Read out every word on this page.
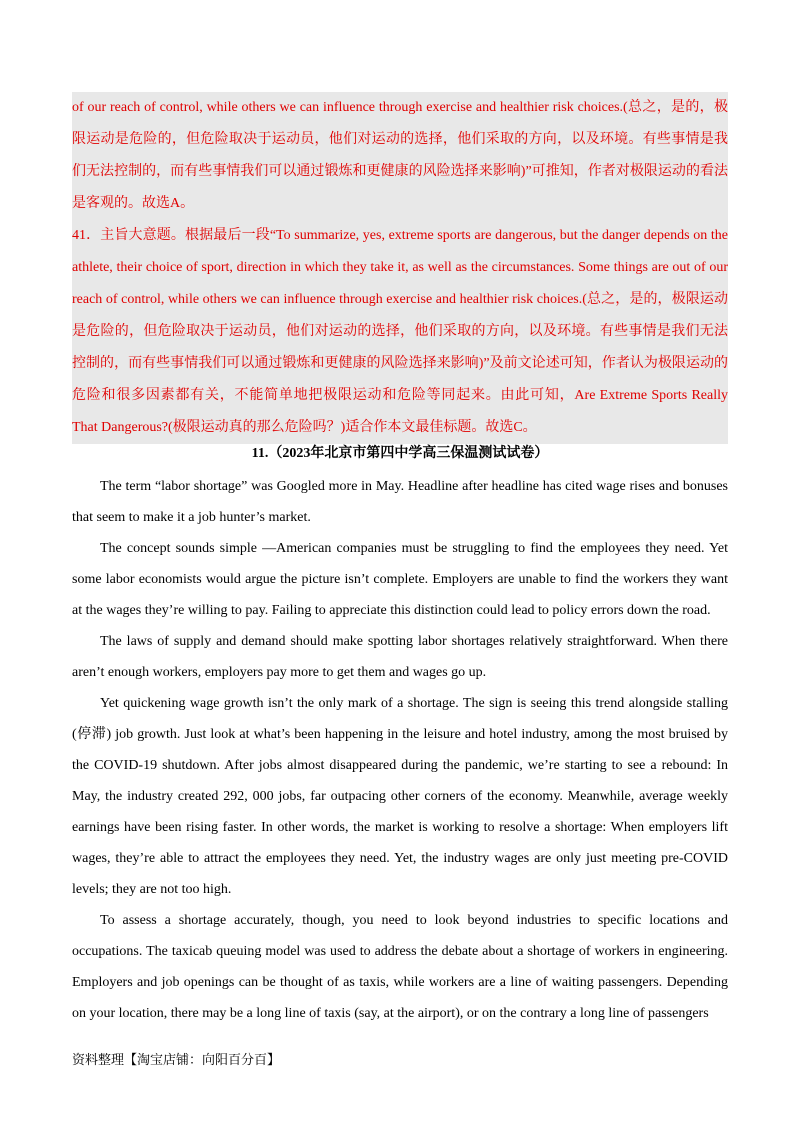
of our reach of control, while others we can influence through exercise and healthier risk choices.(总之，是的，极限运动是危险的，但危险取决于运动员，他们对运动的选择，他们采取的方向，以及环境。有些事情是我们无法控制的，而有些事情我们可以通过锻炼和更健康的风险选择来影响)”可推知，作者对极限运动的看法是客观的。故选A。

41．主旨大意题。根据最后一段“To summarize, yes, extreme sports are dangerous, but the danger depends on the athlete, their choice of sport, direction in which they take it, as well as the circumstances. Some things are out of our reach of control, while others we can influence through exercise and healthier risk choices.(总之，是的，极限运动是危险的，但危险取决于运动员，他们对运动的选择，他们采取的方向，以及环境。有些事情是我们无法控制的，而有些事情我们可以通过锻炼和更健康的风险选择来影响)”及前文论述可知，作者认为极限运动的危险和很多因素都有关，不能简单地把极限运动和危险等同起来。由此可知，Are Extreme Sports Really That Dangerous?(极限运动真的那么危险吗？)适合作本文最佳标题。故选C。

11.（2023年北京市第四中学高三保温测试试卷）

The term “labor shortage” was Googled more in May. Headline after headline has cited wage rises and bonuses that seem to make it a job hunter’s market.

The concept sounds simple —American companies must be struggling to find the employees they need. Yet some labor economists would argue the picture isn’t complete. Employers are unable to find the workers they want at the wages they’re willing to pay. Failing to appreciate this distinction could lead to policy errors down the road.

The laws of supply and demand should make spotting labor shortages relatively straightforward. When there aren’t enough workers, employers pay more to get them and wages go up.

Yet quickening wage growth isn’t the only mark of a shortage. The sign is seeing this trend alongside stalling (停滞) job growth. Just look at what’s been happening in the leisure and hotel industry, among the most bruised by the COVID-19 shutdown. After jobs almost disappeared during the pandemic, we’re starting to see a rebound: In May, the industry created 292, 000 jobs, far outpacing other corners of the economy. Meanwhile, average weekly earnings have been rising faster. In other words, the market is working to resolve a shortage: When employers lift wages, they’re able to attract the employees they need. Yet, the industry wages are only just meeting pre-COVID levels; they are not too high.

To assess a shortage accurately, though, you need to look beyond industries to specific locations and occupations. The taxicab queuing model was used to address the debate about a shortage of workers in engineering. Employers and job openings can be thought of as taxis, while workers are a line of waiting passengers. Depending on your location, there may be a long line of taxis (say, at the airport), or on the contrary a long line of passengers

资料整理【淘宝店铺：向阳百分百】
